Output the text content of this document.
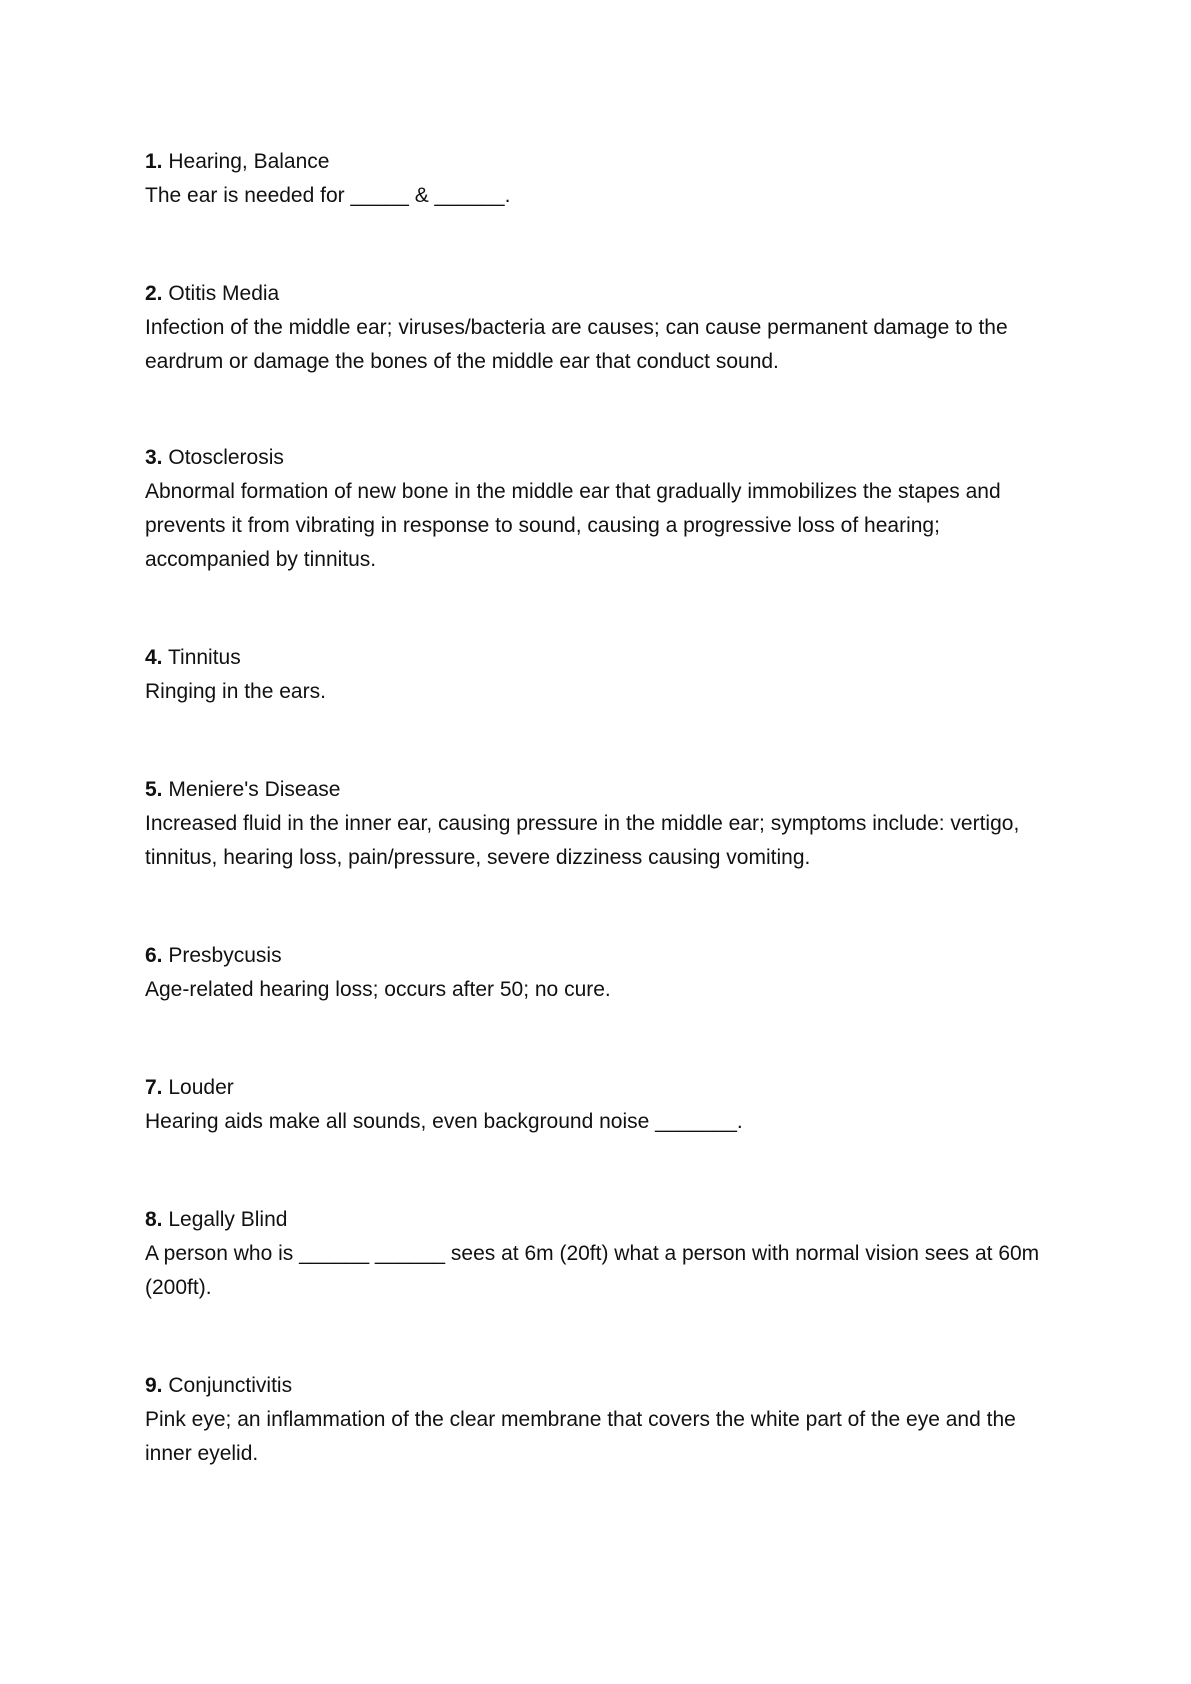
1. Hearing, Balance

The ear is needed for _____ & ______.

2. Otitis Media

Infection of the middle ear; viruses/bacteria are causes; can cause permanent damage to the eardrum or damage the bones of the middle ear that conduct sound.

3. Otosclerosis

Abnormal formation of new bone in the middle ear that gradually immobilizes the stapes and prevents it from vibrating in response to sound, causing a progressive loss of hearing; accompanied by tinnitus.

4. Tinnitus

Ringing in the ears.

5. Meniere's Disease

Increased fluid in the inner ear, causing pressure in the middle ear; symptoms include: vertigo, tinnitus, hearing loss, pain/pressure, severe dizziness causing vomiting.

6. Presbycusis

Age-related hearing loss; occurs after 50; no cure.

7. Louder

Hearing aids make all sounds, even background noise _______.

8. Legally Blind

A person who is ______ ______ sees at 6m (20ft) what a person with normal vision sees at 60m (200ft).

9. Conjunctivitis

Pink eye; an inflammation of the clear membrane that covers the white part of the eye and the inner eyelid.
